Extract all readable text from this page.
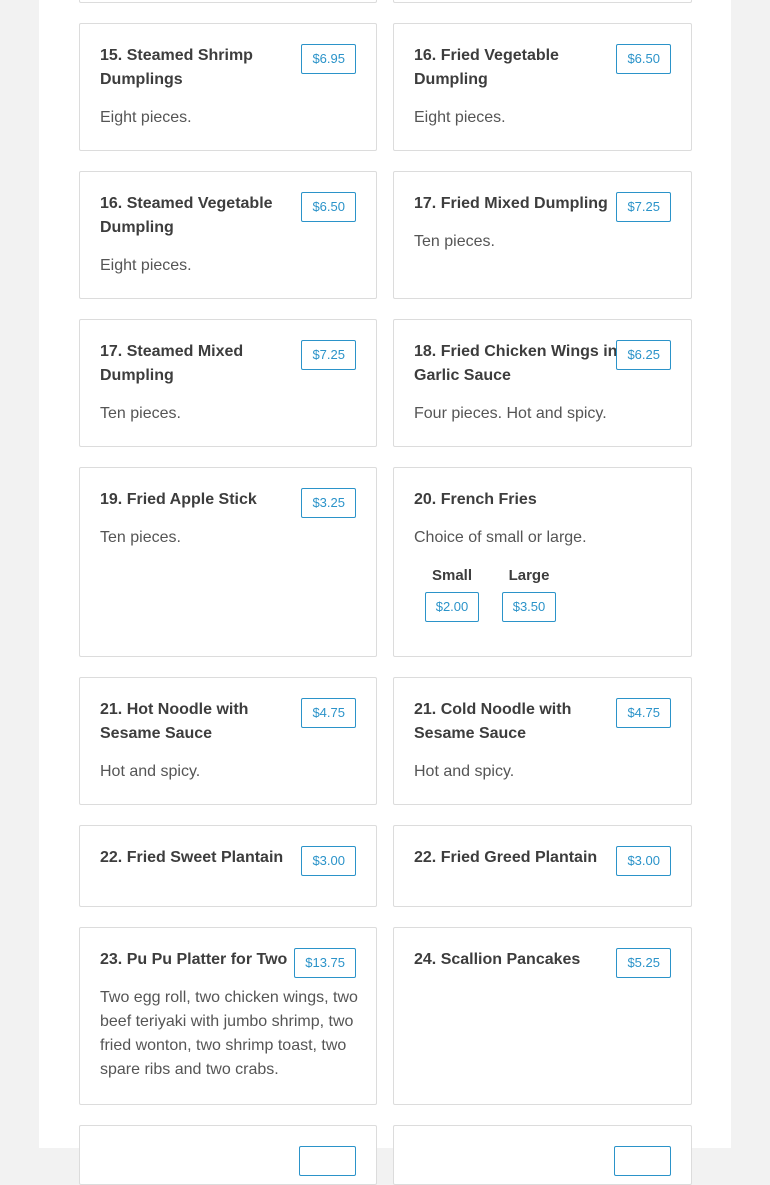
15. Steamed Shrimp
Dumplings
$6.95
Eight pieces.
16. Fried Vegetable
Dumpling
$6.50
Eight pieces.
16. Steamed Vegetable
Dumpling
$6.50
Eight pieces.
17. Fried Mixed Dumpling	$7.25
Ten pieces.
17. Steamed Mixed
Dumpling
$7.25
Ten pieces.
18. Fried Chicken Wings in
Garlic Sauce
$6.25
Four pieces. Hot and spicy.
19. Fried Apple Stick	$3.25
Ten pieces.
20. French Fries
Choice of small or large.
Small
$2.00
Large
$3.50
21. Hot Noodle with
Sesame Sauce
$4.75
Hot and spicy.
21. Cold Noodle with
Sesame Sauce
$4.75
Hot and spicy.
22. Fried Sweet Plantain	$3.00	22. Fried Greed Plantain	$3.00
23. Pu Pu Platter for Two	$13.75
Two egg roll, two chicken wings, two
beef teriyaki with jumbo shrimp, two
fried wonton, two shrimp toast, two
spare ribs and two crabs.
24. Scallion Pancakes	$5.25
